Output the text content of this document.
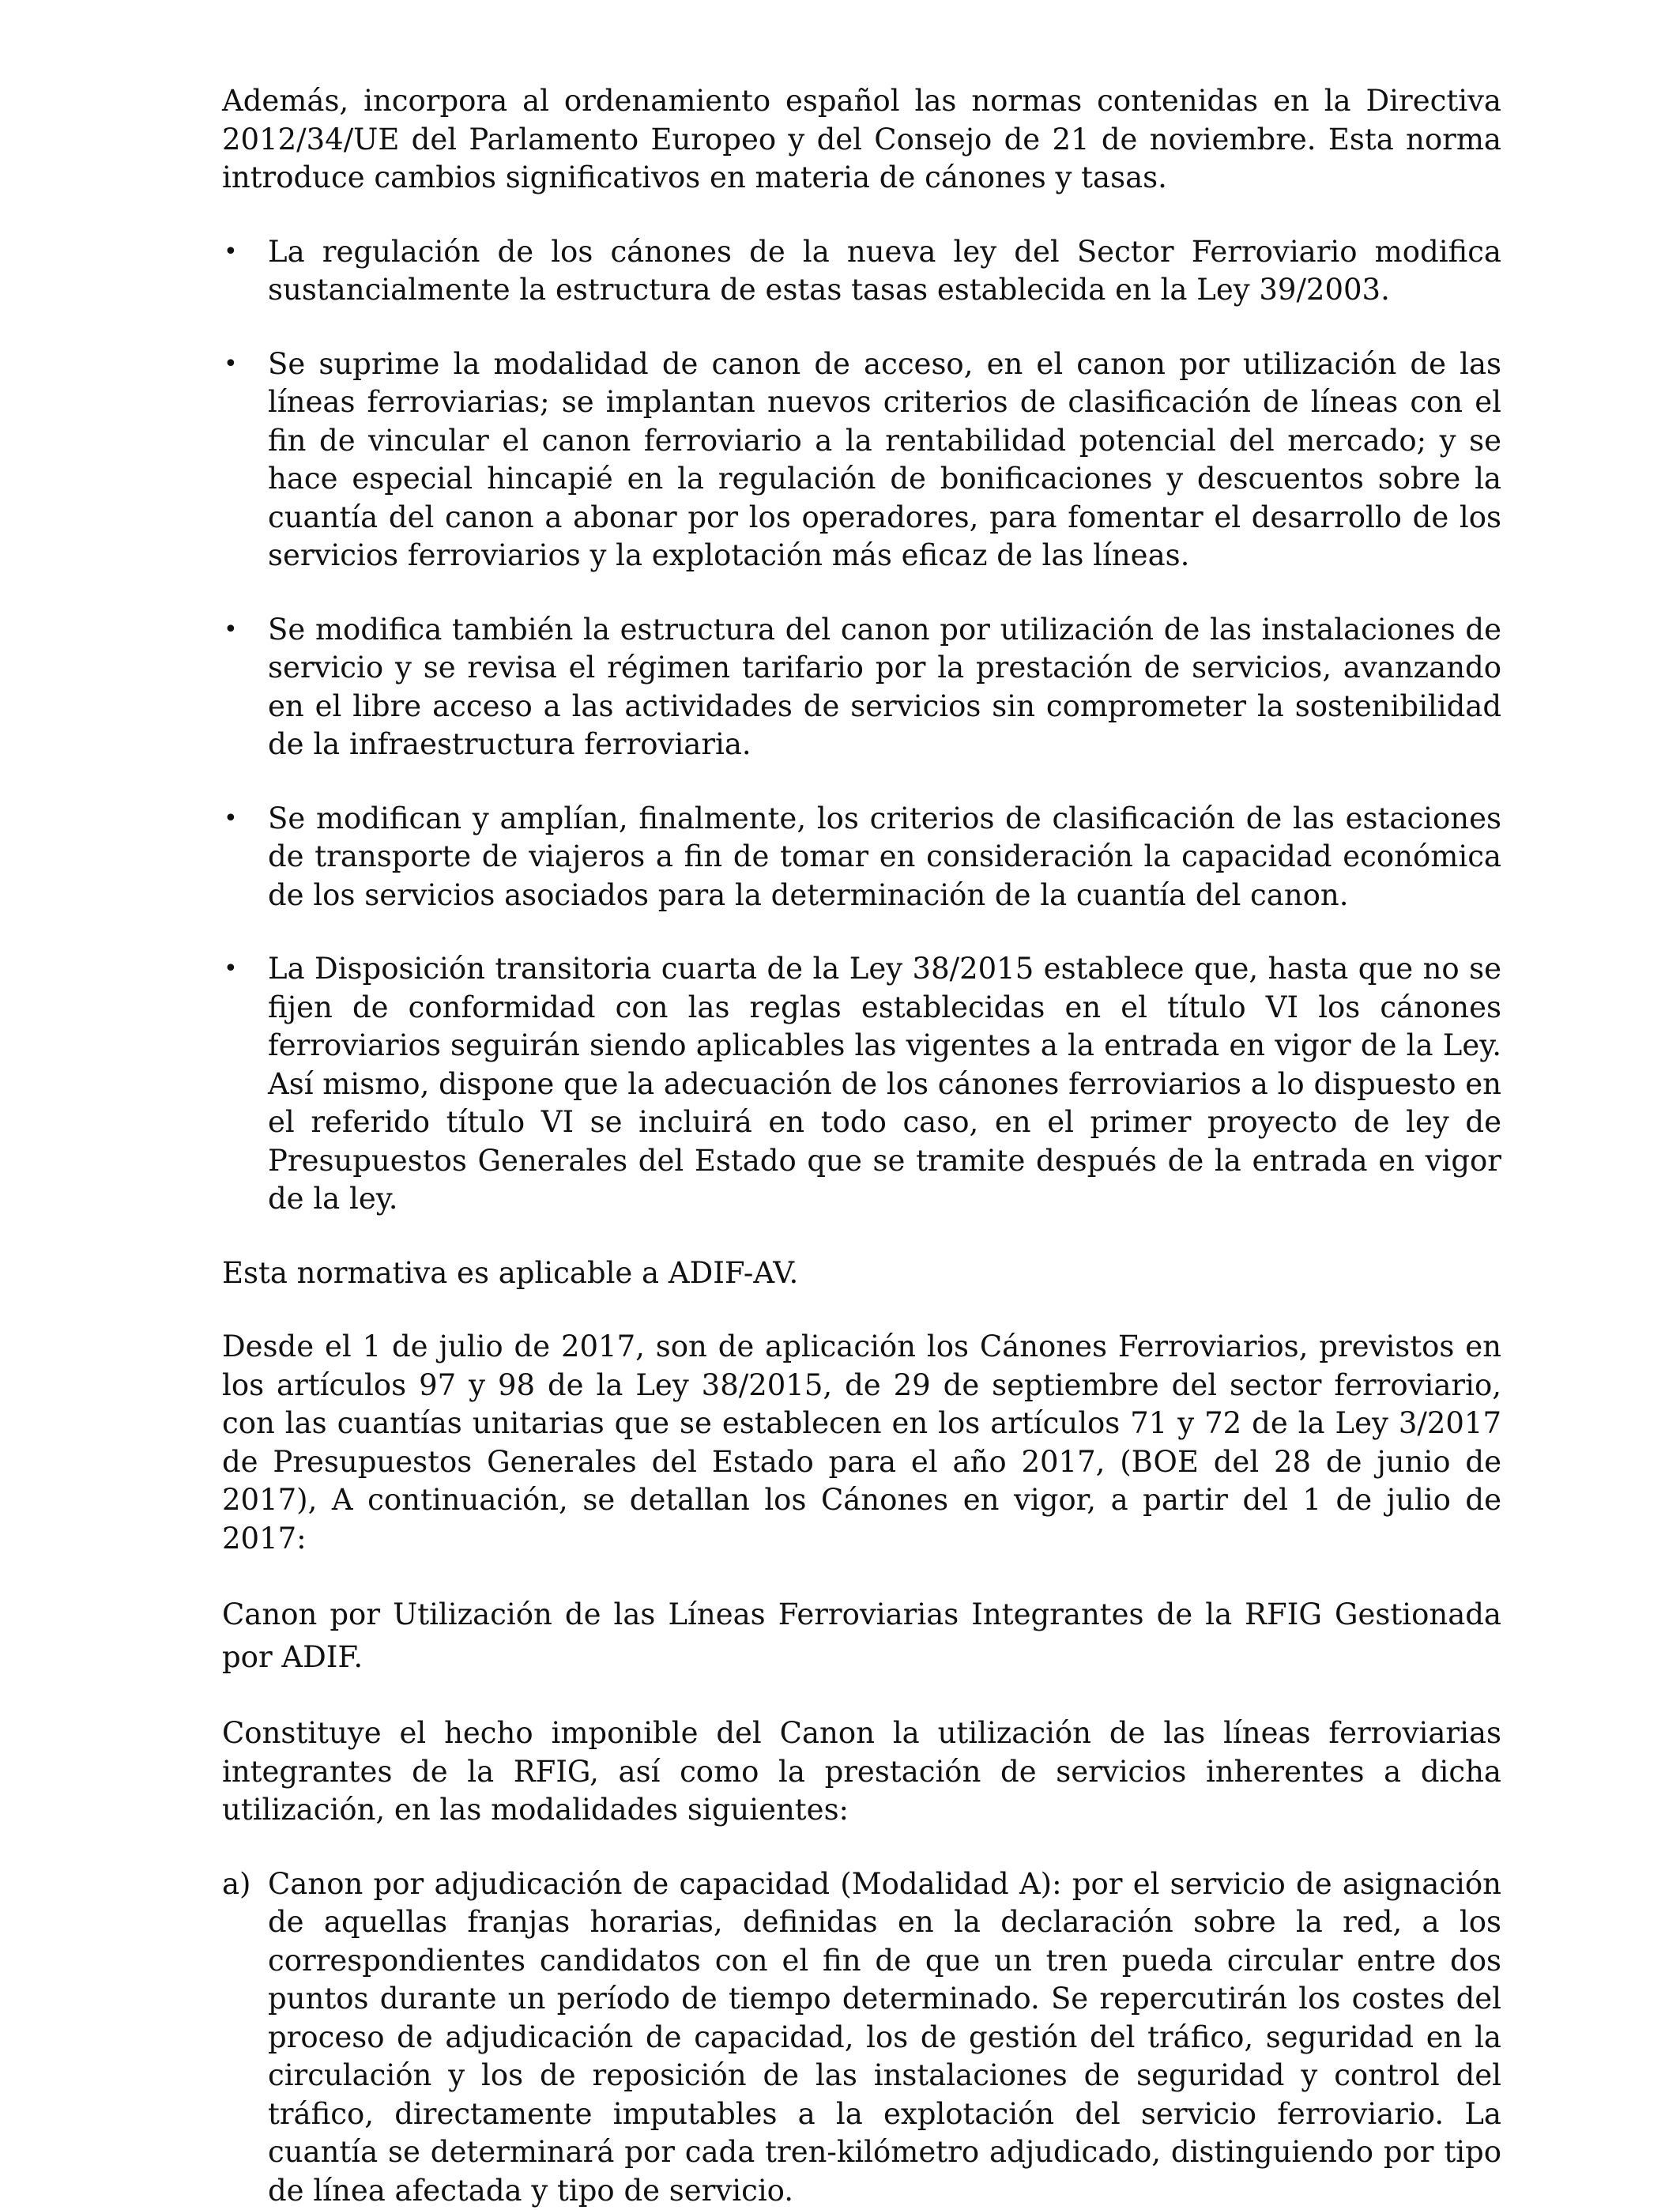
Además, incorpora al ordenamiento español las normas contenidas en la Directiva 2012/34/UE del Parlamento Europeo y del Consejo de 21 de noviembre. Esta norma introduce cambios significativos en materia de cánones y tasas.

• La regulación de los cánones de la nueva ley del Sector Ferroviario modifica sustancialmente la estructura de estas tasas establecida en la Ley 39/2003.
• Se suprime la modalidad de canon de acceso, en el canon por utilización de las líneas ferroviarias; se implantan nuevos criterios de clasificación de líneas con el fin de vincular el canon ferroviario a la rentabilidad potencial del mercado; y se hace especial hincapié en la regulación de bonificaciones y descuentos sobre la cuantía del canon a abonar por los operadores, para fomentar el desarrollo de los servicios ferroviarios y la explotación más eficaz de las líneas.
• Se modifica también la estructura del canon por utilización de las instalaciones de servicio y se revisa el régimen tarifario por la prestación de servicios, avanzando en el libre acceso a las actividades de servicios sin comprometer la sostenibilidad de la infraestructura ferroviaria.
• Se modifican y amplían, finalmente, los criterios de clasificación de las estaciones de transporte de viajeros a fin de tomar en consideración la capacidad económica de los servicios asociados para la determinación de la cuantía del canon.
• La Disposición transitoria cuarta de la Ley 38/2015 establece que, hasta que no se fijen de conformidad con las reglas establecidas en el título VI los cánones ferroviarios seguirán siendo aplicables las vigentes a la entrada en vigor de la Ley. Así mismo, dispone que la adecuación de los cánones ferroviarios a lo dispuesto en el referido título VI se incluirá en todo caso, en el primer proyecto de ley de Presupuestos Generales del Estado que se tramite después de la entrada en vigor de la ley.

Esta normativa es aplicable a ADIF-AV.

Desde el 1 de julio de 2017, son de aplicación los Cánones Ferroviarios, previstos en los artículos 97 y 98 de la Ley 38/2015, de 29 de septiembre del sector ferroviario, con las cuantías unitarias que se establecen en los artículos 71 y 72 de la Ley 3/2017 de Presupuestos Generales del Estado para el año 2017, (BOE del 28 de junio de 2017), A continuación, se detallan los Cánones en vigor, a partir del 1 de julio de 2017:

Canon por Utilización de las Líneas Ferroviarias Integrantes de la RFIG Gestionada por ADIF.

Constituye el hecho imponible del Canon la utilización de las líneas ferroviarias integrantes de la RFIG, así como la prestación de servicios inherentes a dicha utilización, en las modalidades siguientes:

a) Canon por adjudicación de capacidad (Modalidad A): por el servicio de asignación de aquellas franjas horarias, definidas en la declaración sobre la red, a los correspondientes candidatos con el fin de que un tren pueda circular entre dos puntos durante un período de tiempo determinado. Se repercutirán los costes del proceso de adjudicación de capacidad, los de gestión del tráfico, seguridad en la circulación y los de reposición de las instalaciones de seguridad y control del tráfico, directamente imputables a la explotación del servicio ferroviario. La cuantía se determinará por cada tren-kilómetro adjudicado, distinguiendo por tipo de línea afectada y tipo de servicio.
